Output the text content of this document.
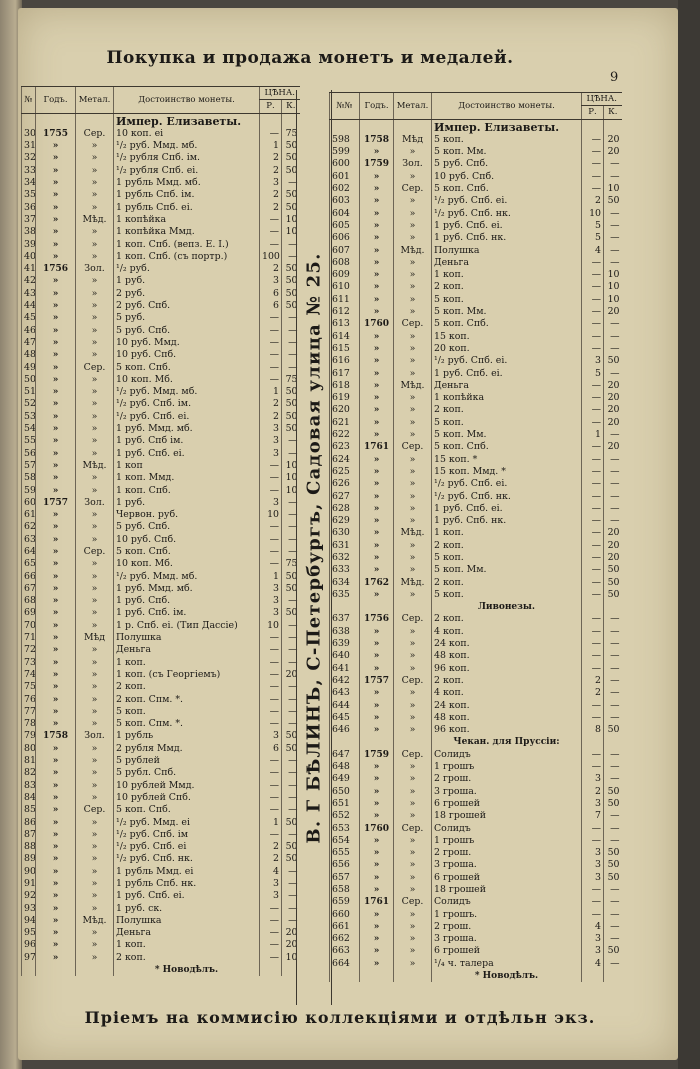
Покупка и продажа монетъ и медалей.
9
№	Годъ.	Метал.	Достоинство монеты.	ЦѢНА.	
				Р.	К.
			Импер. Елизаветы.		
30	1755	Сер.	10 коп. ei	—	75
31	»	»	¹/₂ руб. Ммд. мб.	1	50
32	»	»	¹/₂ рубля Спб. iм.	2	50
33	»	»	¹/₂ рубля Спб. ei.	2	50
34	»	»	1 рубль Ммд. мб.	3	—
35	»	»	1 рубль Спб. iм.	2	50
36	»	»	1 рубль Спб. ei.	2	50
37	»	Мѣд.	1 копѣйка	—	10
38	»	»	1 копѣйка Ммд.	—	10
39	»	»	1 коп. Спб. (вепз. Е. I.)	—	—
40	»	»	1 коп. Спб. (съ портр.)	100	—
41	1756	Зол.	¹/₂ руб.	2	50
42	»	»	1 руб.	3	50
43	»	»	2 руб.	6	50
44	»	»	2 руб. Спб.	6	50
45	»	»	5 руб.	—	—
46	»	»	5 руб. Спб.	—	—
47	»	»	10 руб. Ммд.	—	—
48	»	»	10 руб. Спб.	—	—
49	»	Сер.	5 коп. Спб.	—	—
50	»	»	10 коп. Мб.	—	75
51	»	»	¹/₂ руб. Ммд. мб.	1	50
52	»	»	¹/₂ руб. Спб. iм.	2	50
53	»	»	¹/₂ руб. Спб. ei.	2	50
54	»	»	1 руб. Ммд. мб.	3	50
55	»	»	1 руб. Спб iм.	3	—
56	»	»	1 руб. Спб. ei.	3	—
57	»	Мѣд.	1 коп	—	10
58	»	»	1 коп. Ммд.	—	10
59	»	»	1 коп. Спб.	—	10
60	1757	Зол.	1 руб.	3	—
61	»	»	Червон. руб.	10	—
62	»	»	5 руб. Спб.	—	—
63	»	»	10 руб. Спб.	—	—
64	»	Сер.	5 коп. Спб.	—	—
65	»	»	10 коп. Мб.	—	75
66	»	»	¹/₂ руб. Ммд. мб.	1	50
67	»	»	1 руб. Ммд. мб.	3	50
68	»	»	1 руб. Спб.	3	—
69	»	»	1 руб. Спб. iм.	3	50
70	»	»	1 р. Спб. ei. (Тип Дассie)	10	—
71	»	Мѣд	Полушка	—	—
72	»	»	Деньга	—	—
73	»	»	1 коп.	—	—
74	»	»	1 коп. (съ Георгiемъ)	—	20
75	»	»	2 коп.	—	—
76	»	»	2 коп. Спм. *.	—	—
77	»	»	5 коп.	—	—
78	»	»	5 коп. Спм. *.	—	—
79	1758	Зол.	1 рубль	3	50
80	»	»	2 рубля Ммд.	6	50
81	»	»	5 рублей	—	—
82	»	»	5 рубл. Спб.	—	—
83	»	»	10 рублей Ммд.	—	—
84	»	»	10 рублей Спб.	—	—
85	»	Сер.	5 коп. Спб.	—	—
86	»	»	¹/₂ руб. Ммд. ei	1	50
87	»	»	¹/₂ руб. Спб. iм	—	—
88	»	»	¹/₂ руб. Спб. ei	2	50
89	»	»	¹/₂ руб. Спб. нк.	2	50
90	»	»	1 рубль Ммд. ei	4	—
91	»	»	1 рубль Спб. нк.	3	—
92	»	»	1 руб. Спб. ei.	3	—
93	»	»	1 руб. ск.	—	—
94	»	Мѣд.	Полушка	—	—
95	»	»	Деньга	—	20
96	»	»	1 коп.	—	20
97	»	»	2 коп.	—	10
			* Новодѣлъ.		
В. Г БѢЛИНЪ, С-Петербургъ, Садовая улица № 25.
№№	Годъ.	Метал.	Достоинство монеты.	ЦѢНА.	
				Р.	К.
			Импер. Елизаветы.		
598	1758	Мѣд	5 коп.	—	20
599	»	»	5 коп. Мм.	—	20
600	1759	Зол.	5 руб. Спб.	—	—
601	»	»	10 руб. Спб.	—	—
602	»	Сер.	5 коп. Спб.	—	10
603	»	»	¹/₂ руб. Спб. ei.	2	50
604	»	»	¹/₂ руб. Спб. нк.	10	—
605	»	»	1 руб. Спб. ei.	5	—
606	»	»	1 руб. Спб. нк.	5	—
607	»	Мѣд.	Полушка	4	—
608	»	»	Деньга	—	—
609	»	»	1 коп.	—	10
610	»	»	2 коп.	—	10
611	»	»	5 коп.	—	10
612	»	»	5 коп. Мм.	—	20
613	1760	Сер.	5 коп. Спб.	—	—
614	»	»	15 коп.	—	—
615	»	»	20 коп.	—	—
616	»	»	¹/₂ руб. Спб. ei.	3	50
617	»	»	1 руб. Спб. ei.	5	—
618	»	Мѣд.	Деньга	—	20
619	»	»	1 копѣйка	—	20
620	»	»	2 коп.	—	20
621	»	»	5 коп.	—	20
622	»	»	5 коп. Мм.	1	—
623	1761	Сер.	5 коп. Спб.	—	20
624	»	»	15 коп. *	—	—
625	»	»	15 коп. Ммд. *	—	—
626	»	»	¹/₂ руб. Спб. ei.	—	—
627	»	»	¹/₂ руб. Спб. нк.	—	—
628	»	»	1 руб. Спб. ei.	—	—
629	»	»	1 руб. Спб. нк.	—	—
630	»	Мѣд.	1 коп.	—	20
631	»	»	2 коп.	—	20
632	»	»	5 коп.	—	20
633	»	»	5 коп. Мм.	—	50
634	1762	Мѣд.	2 коп.	—	50
635	»	»	5 коп.	—	50
			Ливонезы.		
637	1756	Сер.	2 коп.	—	—
638	»	»	4 коп.	—	—
639	»	»	24 коп.	—	—
640	»	»	48 коп.	—	—
641	»	»	96 коп.	—	—
642	1757	Сер.	2 коп.	2	—
643	»	»	4 коп.	2	—
644	»	»	24 коп.	—	—
645	»	»	48 коп.	—	—
646	»	»	96 коп.	8	50
			Чекан. для Пруссiи:		
647	1759	Сер.	Солидъ	—	—
648	»	»	1 грошъ	—	—
649	»	»	2 грош.	3	—
650	»	»	3 гроша.	2	50
651	»	»	6 грошей	3	50
652	»	»	18 грошей	7	—
653	1760	Сер.	Солидъ	—	—
654	»	»	1 грошъ	—	—
655	»	»	2 грош.	3	50
656	»	»	3 гроша.	3	50
657	»	»	6 грошей	3	50
658	»	»	18 грошей	—	—
659	1761	Сер.	Солидъ	—	—
660	»	»	1 грошъ.	—	—
661	»	»	2 грош.	4	—
662	»	»	3 гроша.	3	—
663	»	»	6 грошей	3	50
664	»	»	¹/₄ ч. талера	4	—
			* Новодѣлъ.		
Пріемъ на коммисію коллекціями и отдѣльн экз.
